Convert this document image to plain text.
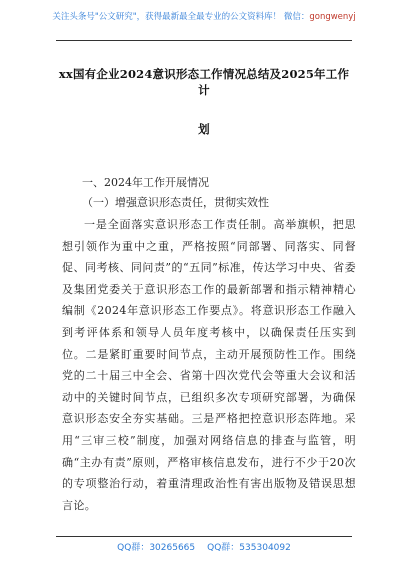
关注头条号"公文研究"，获得最新最全最专业的公文资料库！ 微信：gongwenyj
xx国有企业2024意识形态工作情况总结及2025年工作计
划
一、2024年工作开展情况
（一）增强意识形态责任，贯彻实效性
一是全面落实意识形态工作责任制。高举旗帜，把思想引领作为重中之重，严格按照“同部署、同落实、同督促、同考核、同问责”的“五同”标准，传达学习中央、省委及集团党委关于意识形态工作的最新部署和指示精神精心编制《2024年意识形态工作要点》。将意识形态工作融入到考评体系和领导人员年度考核中，以确保责任压实到位。二是紧盯重要时间节点，主动开展预防性工作。围绕党的二十届三中全会、省第十四次党代会等重大会议和活动中的关键时间节点，已组织多次专项研究部署，为确保意识形态安全夯实基础。三是严格把控意识形态阵地。采用“三审三校”制度，加强对网络信息的排查与监管，明确“主办有责”原则，严格审核信息发布，进行不少于20次的专项整治行动，着重清理政治性有害出版物及错误思想言论。
QQ群：30265665 QQ群：535304092
